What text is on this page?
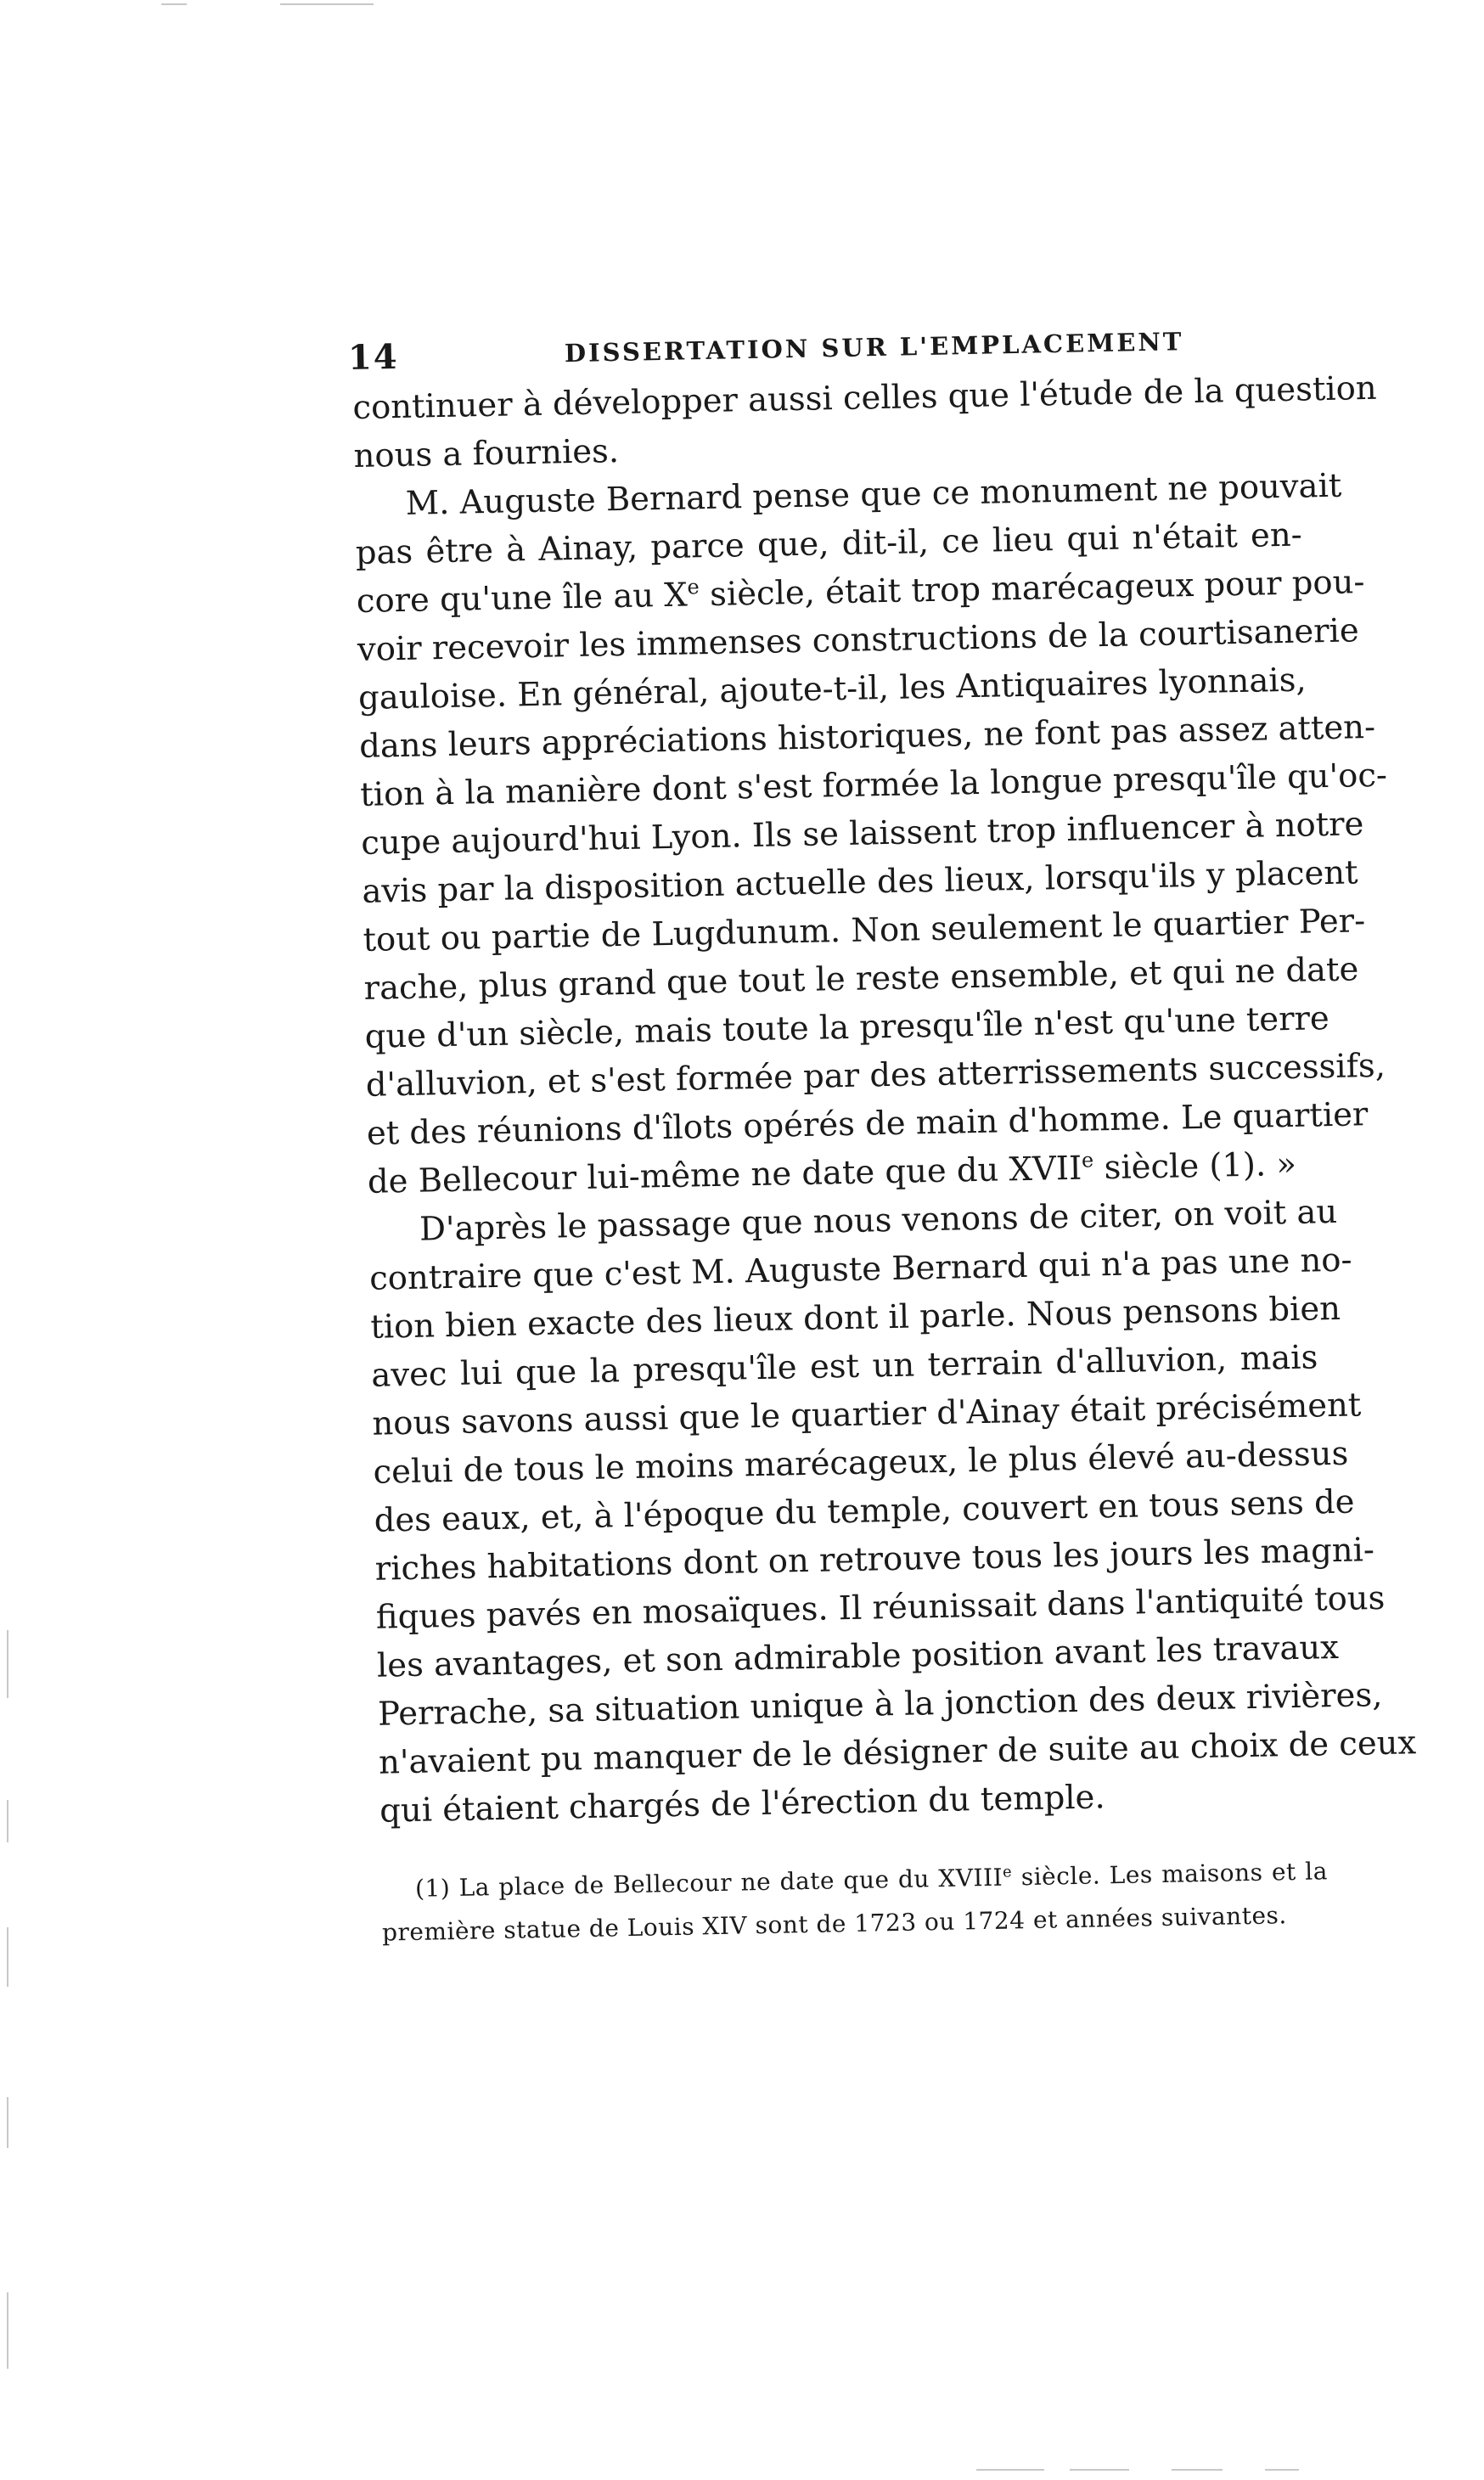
14	DISSERTATION SUR L'EMPLACEMENT
continuer à développer aussi celles que l'étude de la question
nous a fournies.
M. Auguste Bernard pense que ce monument ne pouvait
pas être à Ainay, parce que, dit-il, ce lieu qui n'était en-
core qu'une île au Xe siècle, était trop marécageux pour pou-
voir recevoir les immenses constructions de la courtisanerie
gauloise. En général, ajoute-t-il, les Antiquaires lyonnais,
dans leurs appréciations historiques, ne font pas assez atten-
tion à la manière dont s'est formée la longue presqu'île qu'oc-
cupe aujourd'hui Lyon. Ils se laissent trop influencer à notre
avis par la disposition actuelle des lieux, lorsqu'ils y placent
tout ou partie de Lugdunum. Non seulement le quartier Per-
rache, plus grand que tout le reste ensemble, et qui ne date
que d'un siècle, mais toute la presqu'île n'est qu'une terre
d'alluvion, et s'est formée par des atterrissements successifs,
et des réunions d'îlots opérés de main d'homme. Le quartier
de Bellecour lui-même ne date que du XVIIe siècle (1). »
D'après le passage que nous venons de citer, on voit au
contraire que c'est M. Auguste Bernard qui n'a pas une no-
tion bien exacte des lieux dont il parle. Nous pensons bien
avec lui que la presqu'île est un terrain d'alluvion, mais
nous savons aussi que le quartier d'Ainay était précisément
celui de tous le moins marécageux, le plus élevé au-dessus
des eaux, et, à l'époque du temple, couvert en tous sens de
riches habitations dont on retrouve tous les jours les magni-
fiques pavés en mosaïques. Il réunissait dans l'antiquité tous
les avantages, et son admirable position avant les travaux
Perrache, sa situation unique à la jonction des deux rivières,
n'avaient pu manquer de le désigner de suite au choix de ceux
qui étaient chargés de l'érection du temple.
(1) La place de Bellecour ne date que du XVIIIe siècle. Les maisons et la
première statue de Louis XIV sont de 1723 ou 1724 et années suivantes.
